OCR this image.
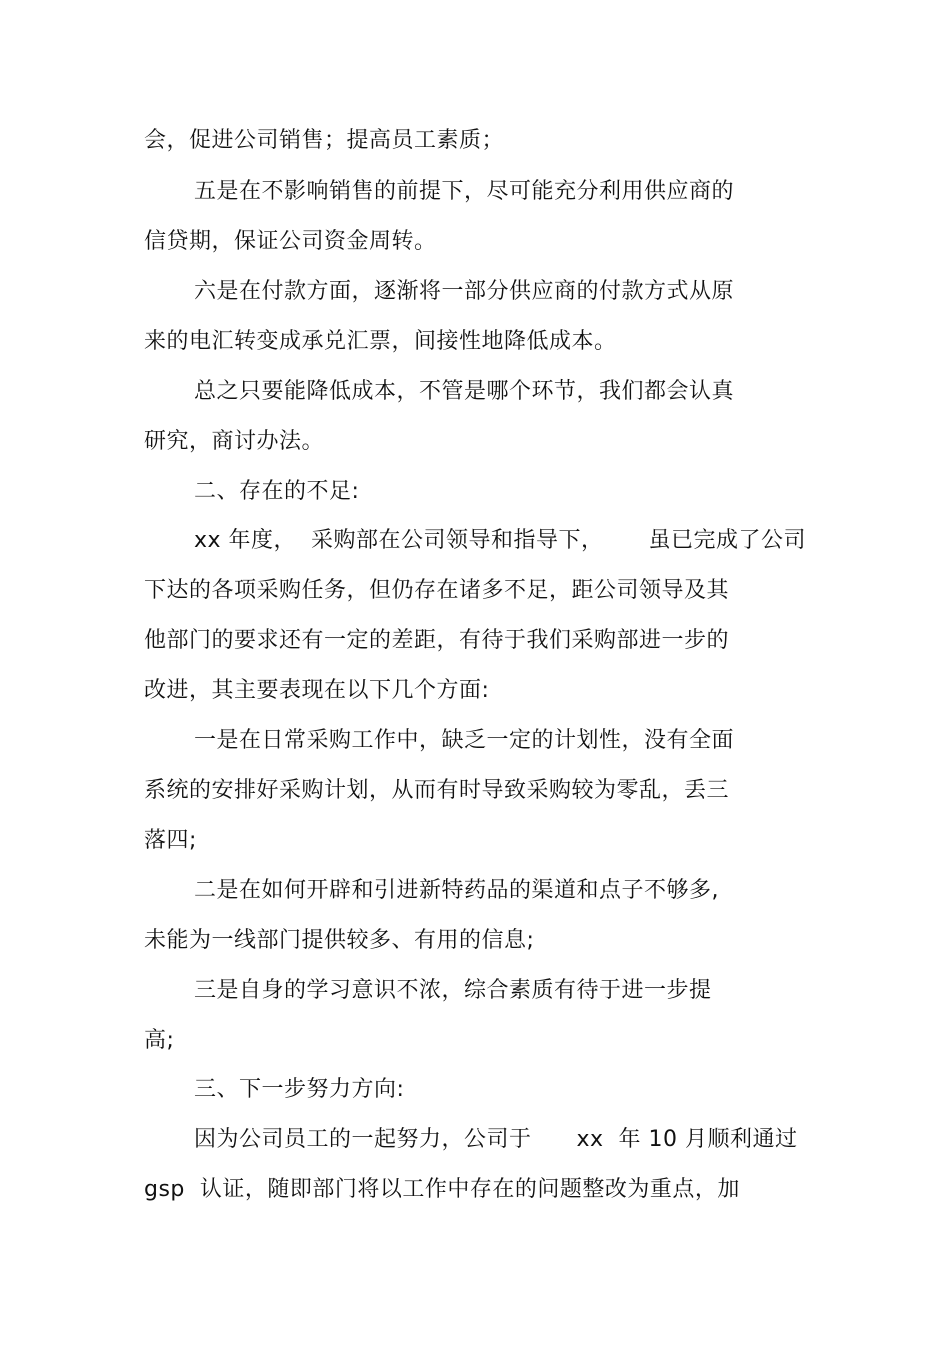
会，促进公司销售；提高员工素质；
五是在不影响销售的前提下，尽可能充分利用供应商的
信贷期，保证公司资金周转。
六是在付款方面，逐渐将一部分供应商的付款方式从原
来的电汇转变成承兑汇票，间接性地降低成本。
总之只要能降低成本，不管是哪个环节，我们都会认真
研究，商讨办法。
二、存在的不足:
xx 年度，  采购部在公司领导和指导下，      虽已完成了公司
下达的各项采购任务，但仍存在诸多不足，距公司领导及其
他部门的要求还有一定的差距，有待于我们采购部进一步的
改进，其主要表现在以下几个方面:
一是在日常采购工作中，缺乏一定的计划性，没有全面
系统的安排好采购计划，从而有时导致采购较为零乱，丢三
落四;
二是在如何开辟和引进新特药品的渠道和点子不够多,
未能为一线部门提供较多、有用的信息;
三是自身的学习意识不浓，综合素质有待于进一步提
高;
三、下一步努力方向:
因为公司员工的一起努力，公司于      xx  年 10 月顺利通过
gsp  认证，随即部门将以工作中存在的问题整改为重点，加
